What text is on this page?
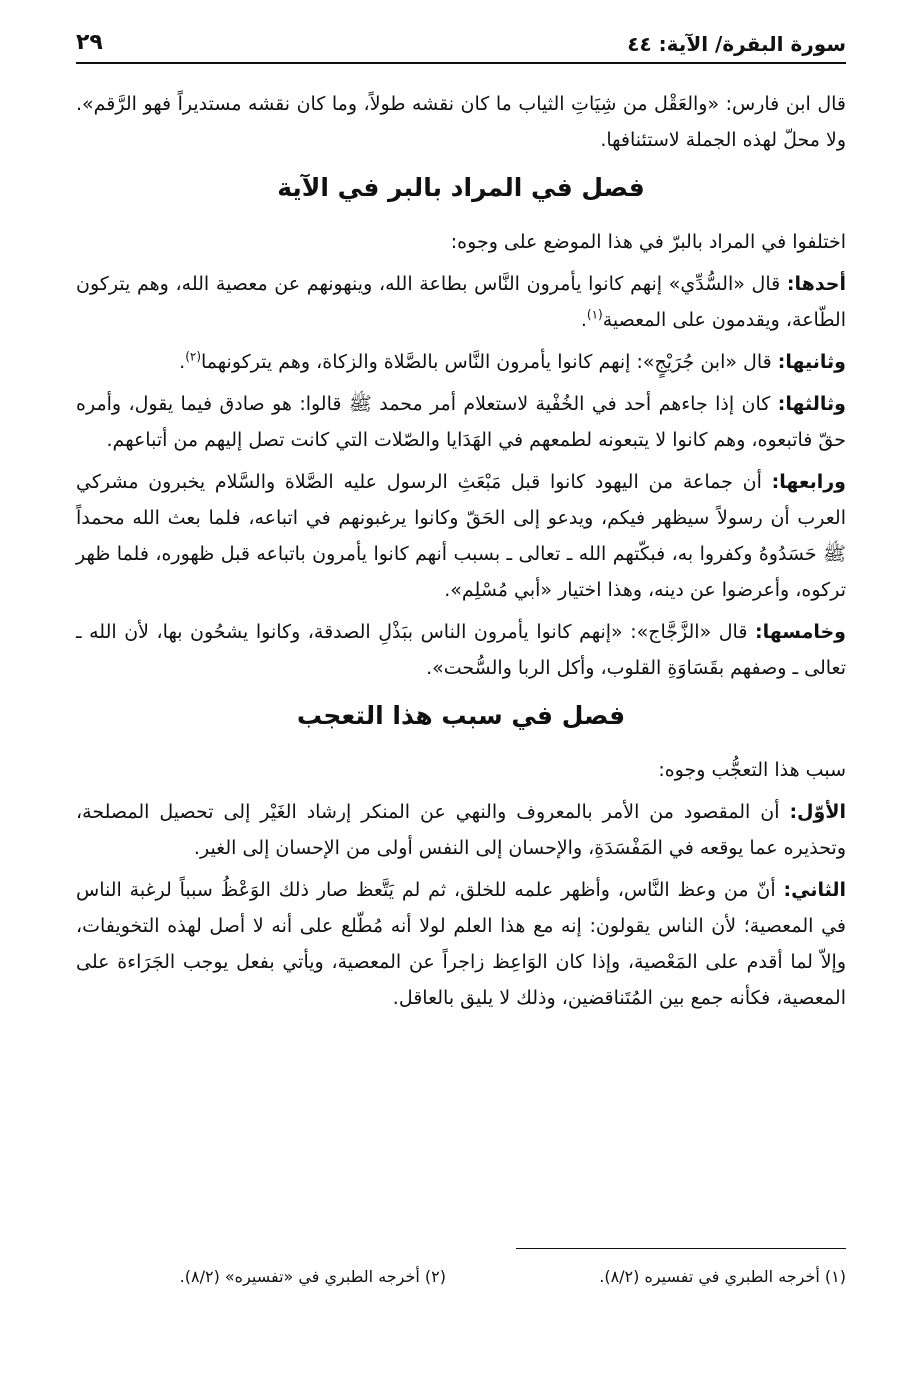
سورة البقرة/ الآية: ٤٤
٢٩

قال ابن فارس: «والعَقْل من شِيَاتِ الثياب ما كان نقشه طولاً، وما كان نقشه مستديراً فهو الرَّقم». ولا محلّ لهذه الجملة لاستئنافها.

فصل في المراد بالبر في الآية

اختلفوا في المراد بالبرّ في هذا الموضع على وجوه:

أحدها: قال «السُّدِّي» إنهم كانوا يأمرون النَّاس بطاعة الله، وينهونهم عن معصية الله، وهم يتركون الطّاعة، ويقدمون على المعصية$^{(١)}$.

وثانيها: قال «ابن جُرَيْجٍ»: إنهم كانوا يأمرون النَّاس بالصَّلاة والزكاة، وهم يتركونهما$^{(٢)}$.

وثالثها: كان إذا جاءهم أحد في الخُفْية لاستعلام أمر محمد ﷺ قالوا: هو صادق فيما يقول، وأمره حقّ فاتبعوه، وهم كانوا لا يتبعونه لطمعهم في الهَدَايا والصّلات التي كانت تصل إليهم من أتباعهم.

ورابعها: أن جماعة من اليهود كانوا قبل مَبْعَثِ الرسول عليه الصَّلاة والسَّلام يخبرون مشركي العرب أن رسولاً سيظهر فيكم، ويدعو إلى الحَقّ وكانوا يرغبونهم في اتباعه، فلما بعث الله محمداً ﷺ حَسَدُوهُ وكفروا به، فبكّتهم الله ـ تعالى ـ بسبب أنهم كانوا يأمرون باتباعه قبل ظهوره، فلما ظهر تركوه، وأعرضوا عن دينه، وهذا اختيار «أبي مُسْلِم».

وخامسها: قال «الزَّجَّاج»: «إنهم كانوا يأمرون الناس ببَذْلِ الصدقة، وكانوا يشحُون بها، لأن الله ـ تعالى ـ وصفهم بقَسَاوَةِ القلوب، وأكل الربا والسُّحت».

فصل في سبب هذا التعجب

سبب هذا التعجُّب وجوه:

الأوّل: أن المقصود من الأمر بالمعروف والنهي عن المنكر إرشاد الغَيْر إلى تحصيل المصلحة، وتحذيره عما يوقعه في المَفْسَدَةِ، والإحسان إلى النفس أولى من الإحسان إلى الغير.

الثاني: أنّ من وعظ النَّاس، وأظهر علمه للخلق، ثم لم يَتَّعظ صار ذلك الوَعْظُ سبباً لرغبة الناس في المعصية؛ لأن الناس يقولون: إنه مع هذا العلم لولا أنه مُطّلع على أنه لا أصل لهذه التخويفات، وإلاّ لما أقدم على المَعْصية، وإذا كان الوَاعِظ زاجراً عن المعصية، ويأتي بفعل يوجب الجَرَاءة على المعصية، فكأنه جمع بين المُتَناقضين، وذلك لا يليق بالعاقل.

(١) أخرجه الطبري في تفسيره (٨/٢).
(٢) أخرجه الطبري في «تفسيره» (٨/٢).
